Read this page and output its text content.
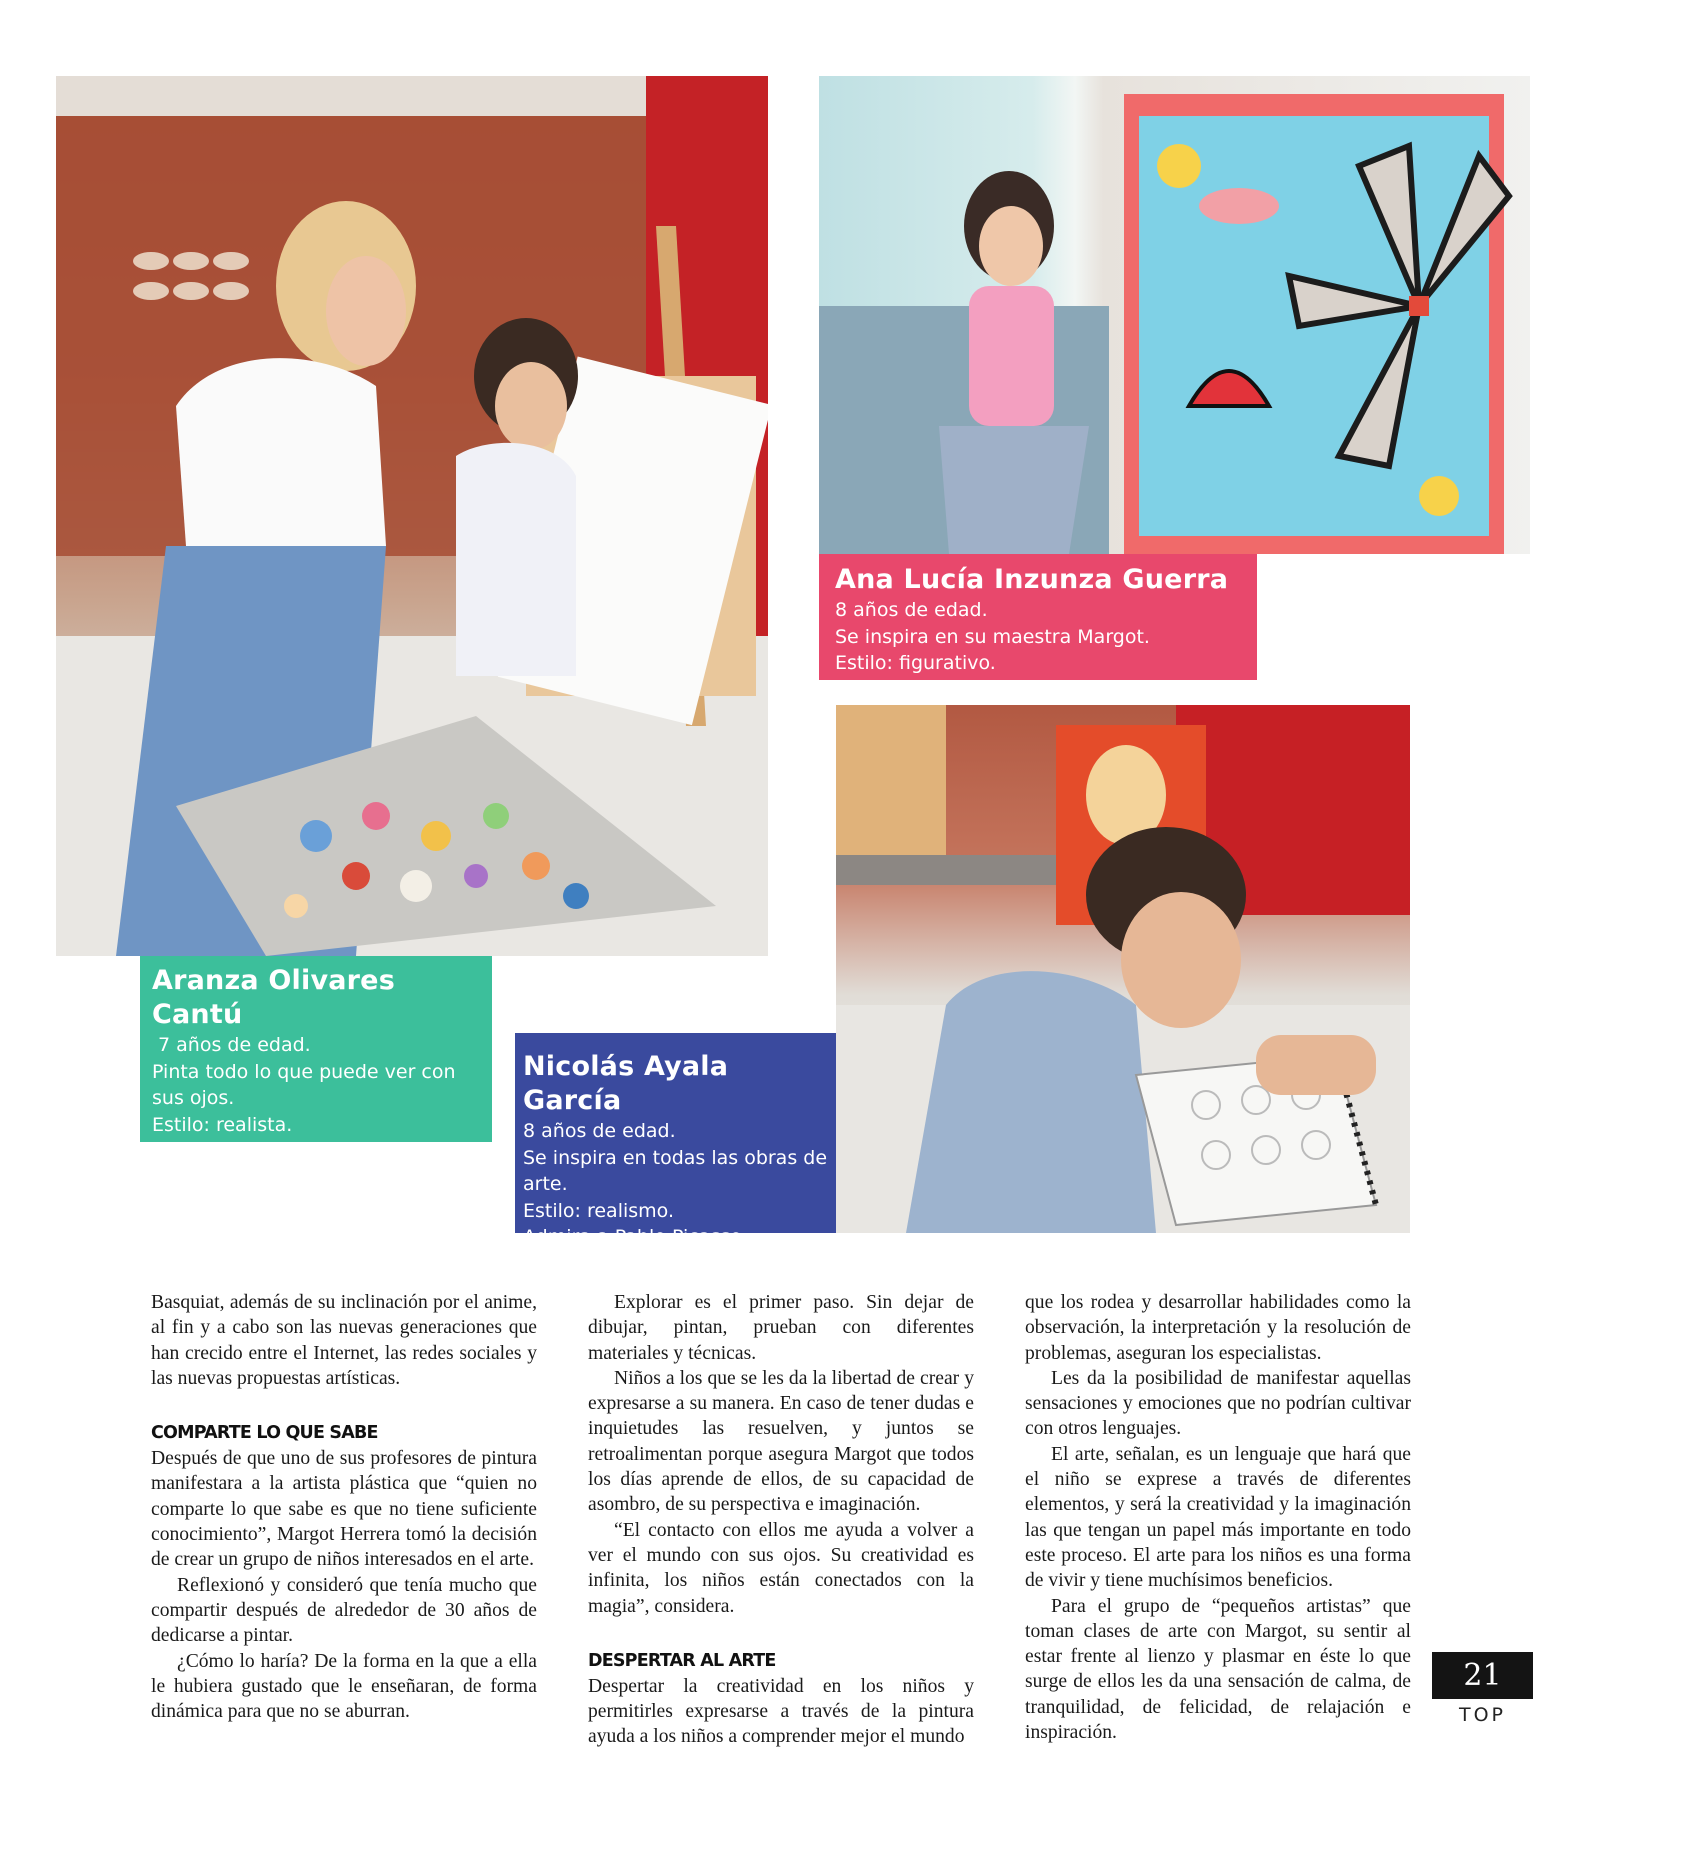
Aranza Olivares Cantú

7 años de edad.

Pinta todo lo que puede ver con sus ojos.

Estilo: realista.

Admira a Frida Kahlo.

Ana Lucía Inzunza Guerra

8 años de edad.

Se inspira en su maestra Margot.

Estilo: figurativo.

Nicolás Ayala García

8 años de edad.

Se inspira en todas las obras de arte.

Estilo: realismo.

Admira a Pablo Picasso.

Basquiat, además de su inclinación por el anime, al fin y a cabo son las nuevas generaciones que han crecido entre el Internet, las redes sociales y las nuevas propuestas artísticas.

COMPARTE LO QUE SABE

Después de que uno de sus profesores de pintura manifestara a la artista plástica que “quien no comparte lo que sabe es que no tiene suficiente conocimiento”, Margot Herrera tomó la decisión de crear un grupo de niños interesados en el arte.

Reflexionó y consideró que tenía mucho que compartir después de alrededor de 30 años de dedicarse a pintar.

¿Cómo lo haría? De la forma en la que a ella le hubiera gustado que le enseñaran, de forma dinámica para que no se aburran.

Explorar es el primer paso. Sin dejar de dibujar, pintan, prueban con diferentes materiales y técnicas.

Niños a los que se les da la libertad de crear y expresarse a su manera. En caso de tener dudas e inquietudes las resuelven, y juntos se retroalimentan porque asegura Margot que todos los días aprende de ellos, de su capacidad de asombro, de su perspectiva e imaginación.

“El contacto con ellos me ayuda a volver a ver el mundo con sus ojos. Su creatividad es infinita, los niños están conectados con la magia”, considera.

DESPERTAR AL ARTE

Despertar la creatividad en los niños y permitirles expresarse a través de la pintura ayuda a los niños a comprender mejor el mundo

que los rodea y desarrollar habilidades como la observación, la interpretación y la resolución de problemas, aseguran los especialistas.

Les da la posibilidad de manifestar aquellas sensaciones y emociones que no podrían cultivar con otros lenguajes.

El arte, señalan, es un lenguaje que hará que el niño se exprese a través de diferentes elementos, y será la creatividad y la imaginación las que tengan un papel más importante en todo este proceso. El arte para los niños es una forma de vivir y tiene muchísimos beneficios.

Para el grupo de “pequeños artistas” que toman clases de arte con Margot, su sentir al estar frente al lienzo y plasmar en éste lo que surge de ellos les da una sensación de calma, de tranquilidad, de felicidad, de relajación e inspiración.

21
TOP
